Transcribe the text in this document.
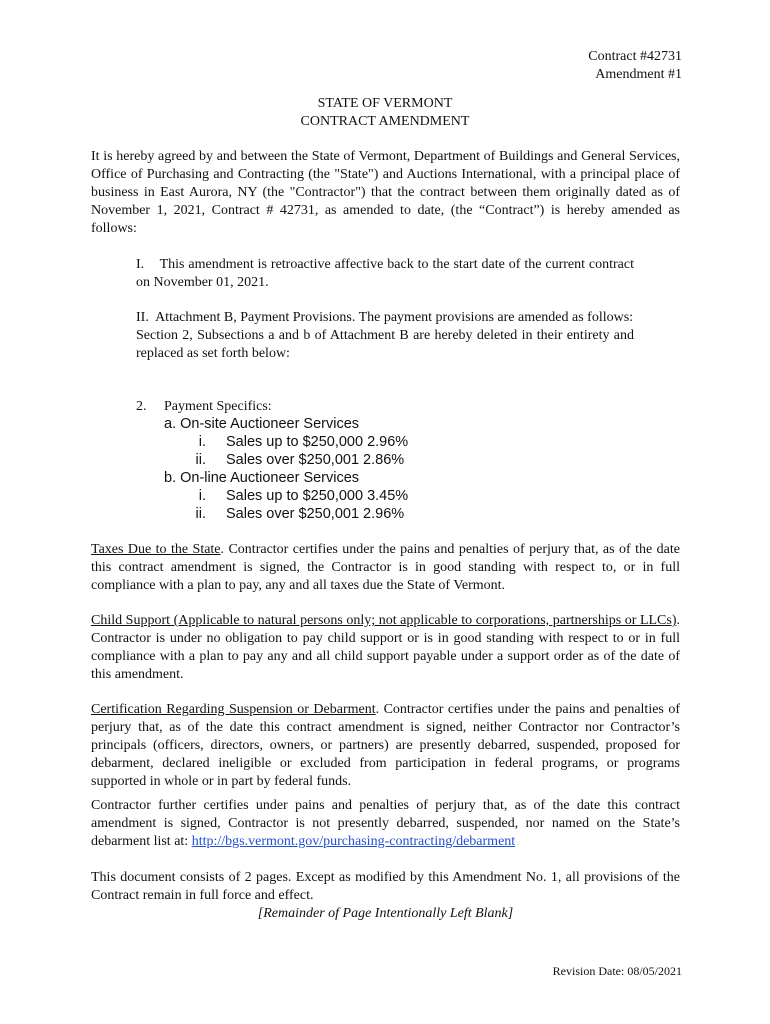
Contract #42731
Amendment #1
STATE OF VERMONT
CONTRACT AMENDMENT
It is hereby agreed by and between the State of Vermont, Department of Buildings and General Services, Office of Purchasing and Contracting (the "State") and Auctions International, with a principal place of business in East Aurora, NY (the "Contractor") that the contract between them originally dated as of November 1, 2021, Contract # 42731, as amended to date, (the “Contract”) is hereby amended as follows:
I. This amendment is retroactive affective back to the start date of the current contract on November 01, 2021.
II. Attachment B, Payment Provisions. The payment provisions are amended as follows:
Section 2, Subsections a and b of Attachment B are hereby deleted in their entirety and replaced as set forth below:
2. Payment Specifics:
a. On-site Auctioneer Services
i. Sales up to $250,000 2.96%
ii. Sales over $250,001 2.86%
b. On-line Auctioneer Services
i. Sales up to $250,000 3.45%
ii. Sales over $250,001 2.96%
Taxes Due to the State. Contractor certifies under the pains and penalties of perjury that, as of the date this contract amendment is signed, the Contractor is in good standing with respect to, or in full compliance with a plan to pay, any and all taxes due the State of Vermont.
Child Support (Applicable to natural persons only; not applicable to corporations, partnerships or LLCs). Contractor is under no obligation to pay child support or is in good standing with respect to or in full compliance with a plan to pay any and all child support payable under a support order as of the date of this amendment.
Certification Regarding Suspension or Debarment. Contractor certifies under the pains and penalties of perjury that, as of the date this contract amendment is signed, neither Contractor nor Contractor’s principals (officers, directors, owners, or partners) are presently debarred, suspended, proposed for debarment, declared ineligible or excluded from participation in federal programs, or programs supported in whole or in part by federal funds.
Contractor further certifies under pains and penalties of perjury that, as of the date this contract amendment is signed, Contractor is not presently debarred, suspended, nor named on the State’s debarment list at: http://bgs.vermont.gov/purchasing-contracting/debarment
This document consists of 2 pages. Except as modified by this Amendment No. 1, all provisions of the Contract remain in full force and effect.
[Remainder of Page Intentionally Left Blank]
Revision Date: 08/05/2021
